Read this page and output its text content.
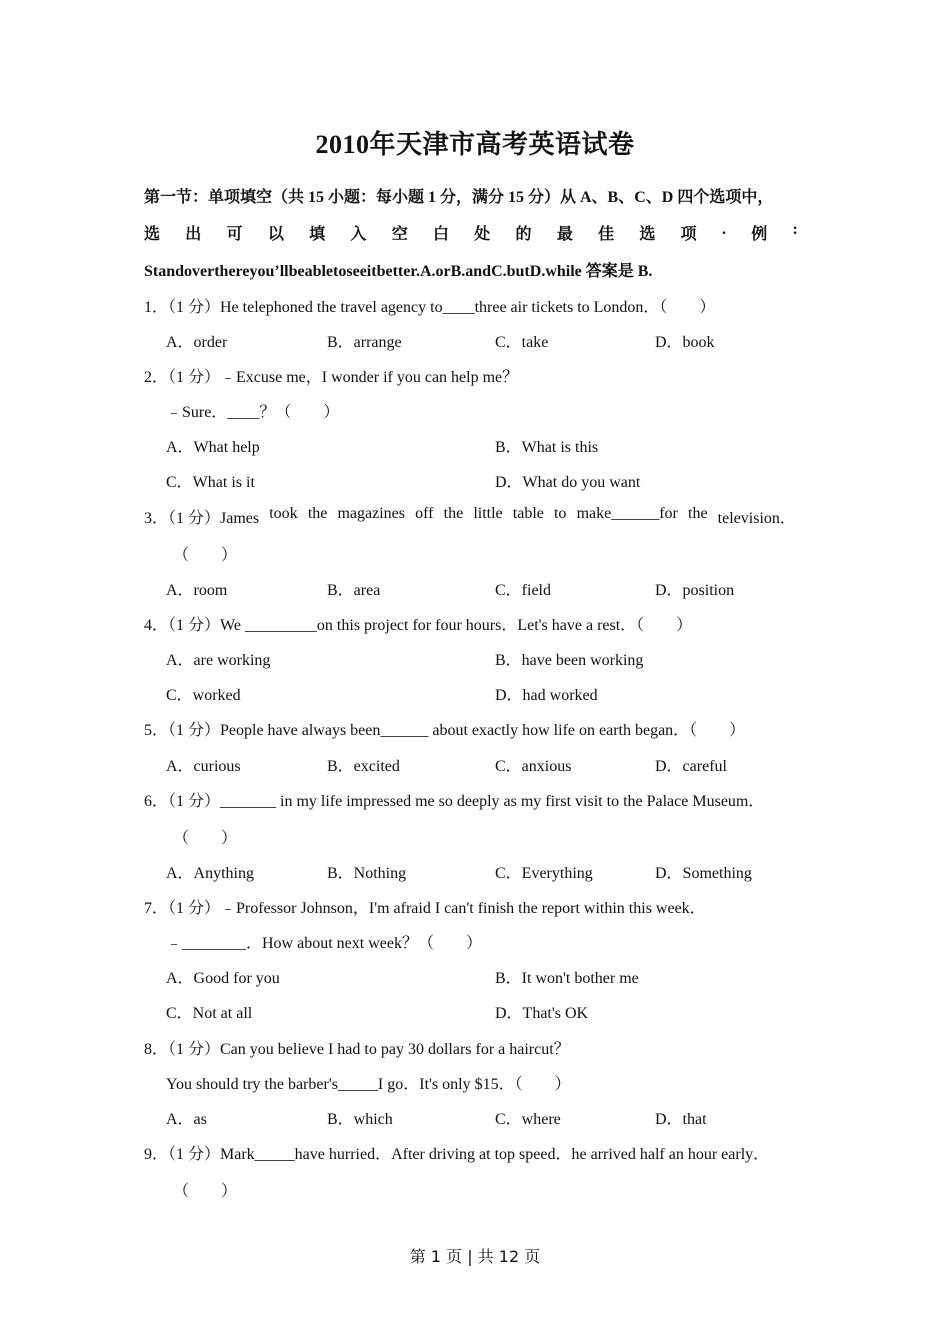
2010年天津市高考英语试卷
第一节：单项填空（共 15 小题：每小题 1 分，满分 15 分）从 A、B、C、D 四个选项中，
选 出 可 以 填 入 空 白 处 的 最 佳 选 项 . 例 :
Standoverthereyou’llbeabletoseeitbetter.A.orB.andC.butD.while 答案是 B.
1．（1 分）He telephoned the travel agency to____three air tickets to London．（　　）
A．order	B．arrange	C．take	D．book
2．（1 分）﹣Excuse me，I wonder if you can help me？
﹣Sure．____？（　　）
A．What help	B．What is this
C．What is it	D．What do you want
3．（1 分）James took the magazines off the little table to make______for the television．
（　　）
A．room	B．area	C．field	D．position
4．（1 分）We _________on this project for four hours．Let's have a rest．（　　）
A．are working	B．have been working
C．worked	D．had worked
5．（1 分）People have always been______ about exactly how life on earth began．（　　）
A．curious	B．excited	C．anxious	D．careful
6．（1 分）_______ in my life impressed me so deeply as my first visit to the Palace Museum．
（　　）
A．Anything	B．Nothing	C．Everything	D．Something
7．（1 分）﹣Professor Johnson，I'm afraid I can't finish the report within this week．
﹣________．How about next week？（　　）
A．Good for you	B．It won't bother me
C．Not at all	D．That's OK
8．（1 分）Can you believe I had to pay 30 dollars for a haircut？
You should try the barber's_____I go．It's only $15．（　　）
A．as	B．which	C．where	D．that
9．（1 分）Mark_____have hurried．After driving at top speed．he arrived half an hour early．
（　　）
第 1 页 | 共 12 页
